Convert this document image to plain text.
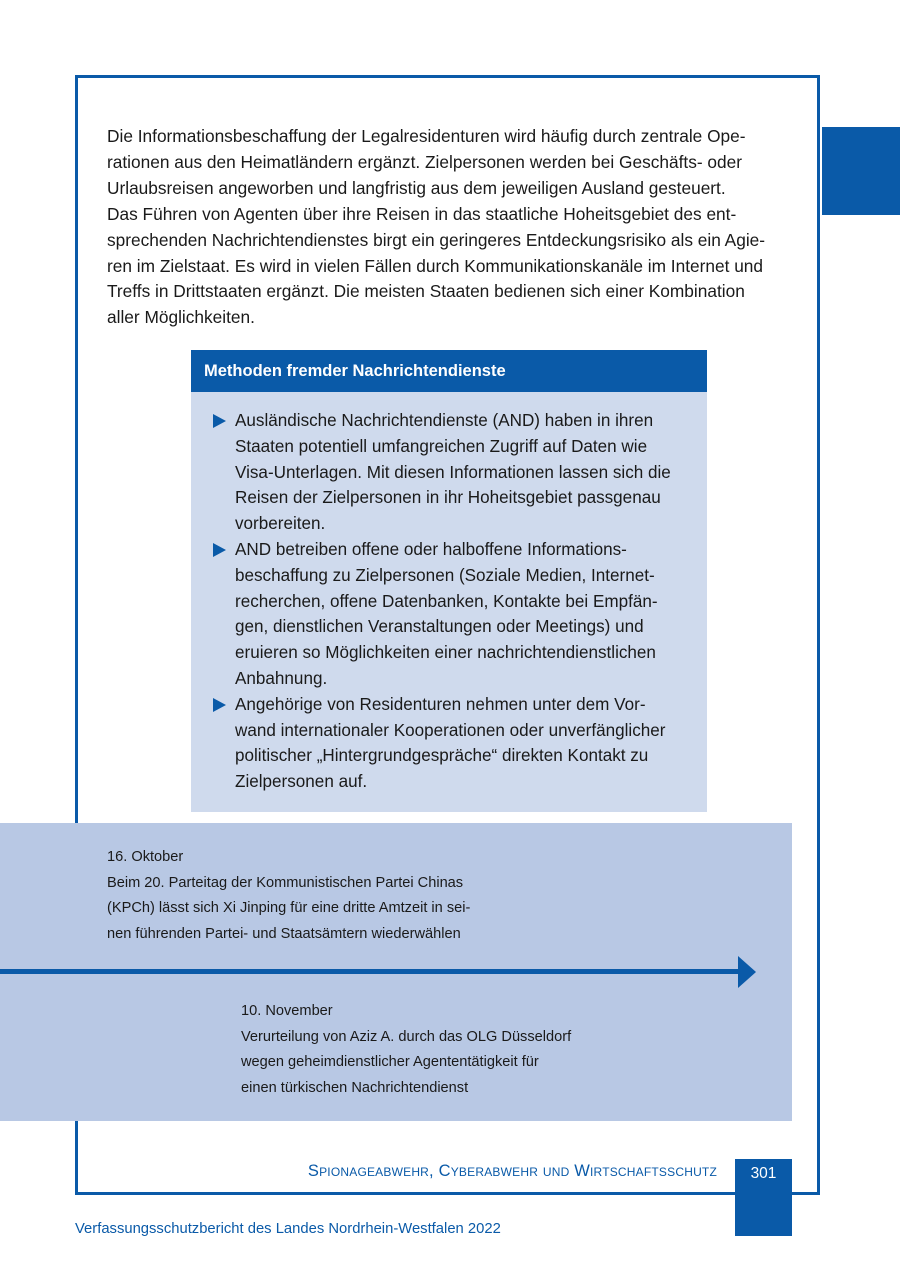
Die Informationsbeschaffung der Legalresidenturen wird häufig durch zentrale Ope-

rationen aus den Heimatländern ergänzt. Zielpersonen werden bei Geschäfts- oder

Urlaubsreisen angeworben und langfristig aus dem jeweiligen Ausland gesteuert.

Das Führen von Agenten über ihre Reisen in das staatliche Hoheitsgebiet des ent-

sprechenden Nachrichtendienstes birgt ein geringeres Entdeckungsrisiko als ein Agie-

ren im Zielstaat. Es wird in vielen Fällen durch Kommunikationskanäle im Internet und

Treffs in Drittstaaten ergänzt. Die meisten Staaten bedienen sich einer Kombination

aller Möglichkeiten.

Methoden fremder Nachrichtendienste
Ausländische Nachrichtendienste (AND) haben in ihren
Staaten potentiell umfangreichen Zugriff auf Daten wie
Visa-Unterlagen. Mit diesen Informationen lassen sich die
Reisen der Zielpersonen in ihr Hoheitsgebiet passgenau
vorbereiten.
AND betreiben offene oder halboffene Informations-
beschaffung zu Zielpersonen (Soziale Medien, Internet-
recherchen, offene Datenbanken, Kontakte bei Empfän-
gen, dienstlichen Veranstaltungen oder Meetings) und
eruieren so Möglichkeiten einer nachrichtendienstlichen
Anbahnung.
Angehörige von Residenturen nehmen unter dem Vor-
wand internationaler Kooperationen oder unverfänglicher
politischer „Hintergrundgespräche“ direkten Kontakt zu
Zielpersonen auf.
16. Oktober
Beim 20. Parteitag der Kommunistischen Partei Chinas
(KPCh) lässt sich Xi Jinping für eine dritte Amtzeit in sei-
nen führenden Partei- und Staatsämtern wiederwählen
10. November
Verurteilung von Aziz A. durch das OLG Düsseldorf
wegen geheimdienstlicher Agententätigkeit für
einen türkischen Nachrichtendienst
Spionageabwehr, Cyberabwehr und Wirtschaftsschutz	301
Verfassungsschutzbericht des Landes Nordrhein-Westfalen 2022
